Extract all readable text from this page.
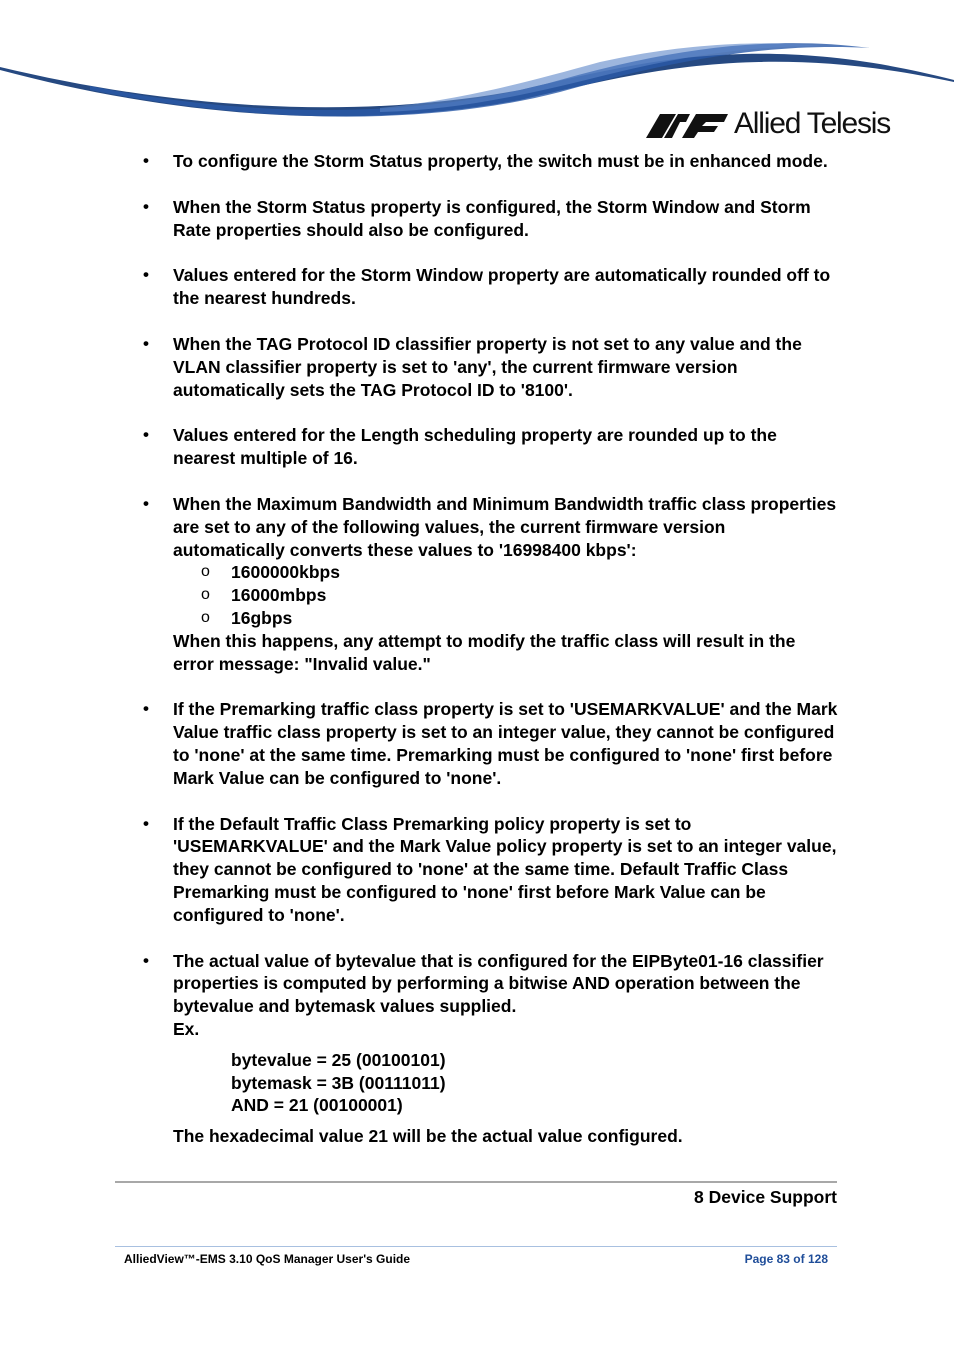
Allied Telesis
• To configure the Storm Status property, the switch must be in enhanced mode.
• When the Storm Status property is configured, the Storm Window and Storm Rate properties should also be configured.
• Values entered for the Storm Window property are automatically rounded off to the nearest hundreds.
• When the TAG Protocol ID classifier property is not set to any value and the VLAN classifier property is set to 'any', the current firmware version automatically sets the TAG Protocol ID to '8100'.
• Values entered for the Length scheduling property are rounded up to the nearest multiple of 16.
• When the Maximum Bandwidth and Minimum Bandwidth traffic class properties are set to any of the following values, the current firmware version automatically converts these values to '16998400 kbps':
o 1600000kbps
o 16000mbps
o 16gbps
When this happens, any attempt to modify the traffic class will result in the error message: "Invalid value."
• If the Premarking traffic class property is set to 'USEMARKVALUE' and the Mark Value traffic class property is set to an integer value, they cannot be configured to 'none' at the same time. Premarking must be configured to 'none' first before Mark Value can be configured to 'none'.
• If the Default Traffic Class Premarking policy property is set to 'USEMARKVALUE' and the Mark Value policy property is set to an integer value, they cannot be configured to 'none' at the same time. Default Traffic Class Premarking must be configured to 'none' first before Mark Value can be configured to 'none'.
• The actual value of bytevalue that is configured for the EIPByte01-16 classifier properties is computed by performing a bitwise AND operation between the bytevalue and bytemask values supplied.
Ex.
bytevalue = 25 (00100101)
bytemask = 3B (00111011)
AND = 21 (00100001)
The hexadecimal value 21 will be the actual value configured.
8 Device Support
AlliedView™-EMS 3.10 QoS Manager User's Guide	Page 83 of 128
